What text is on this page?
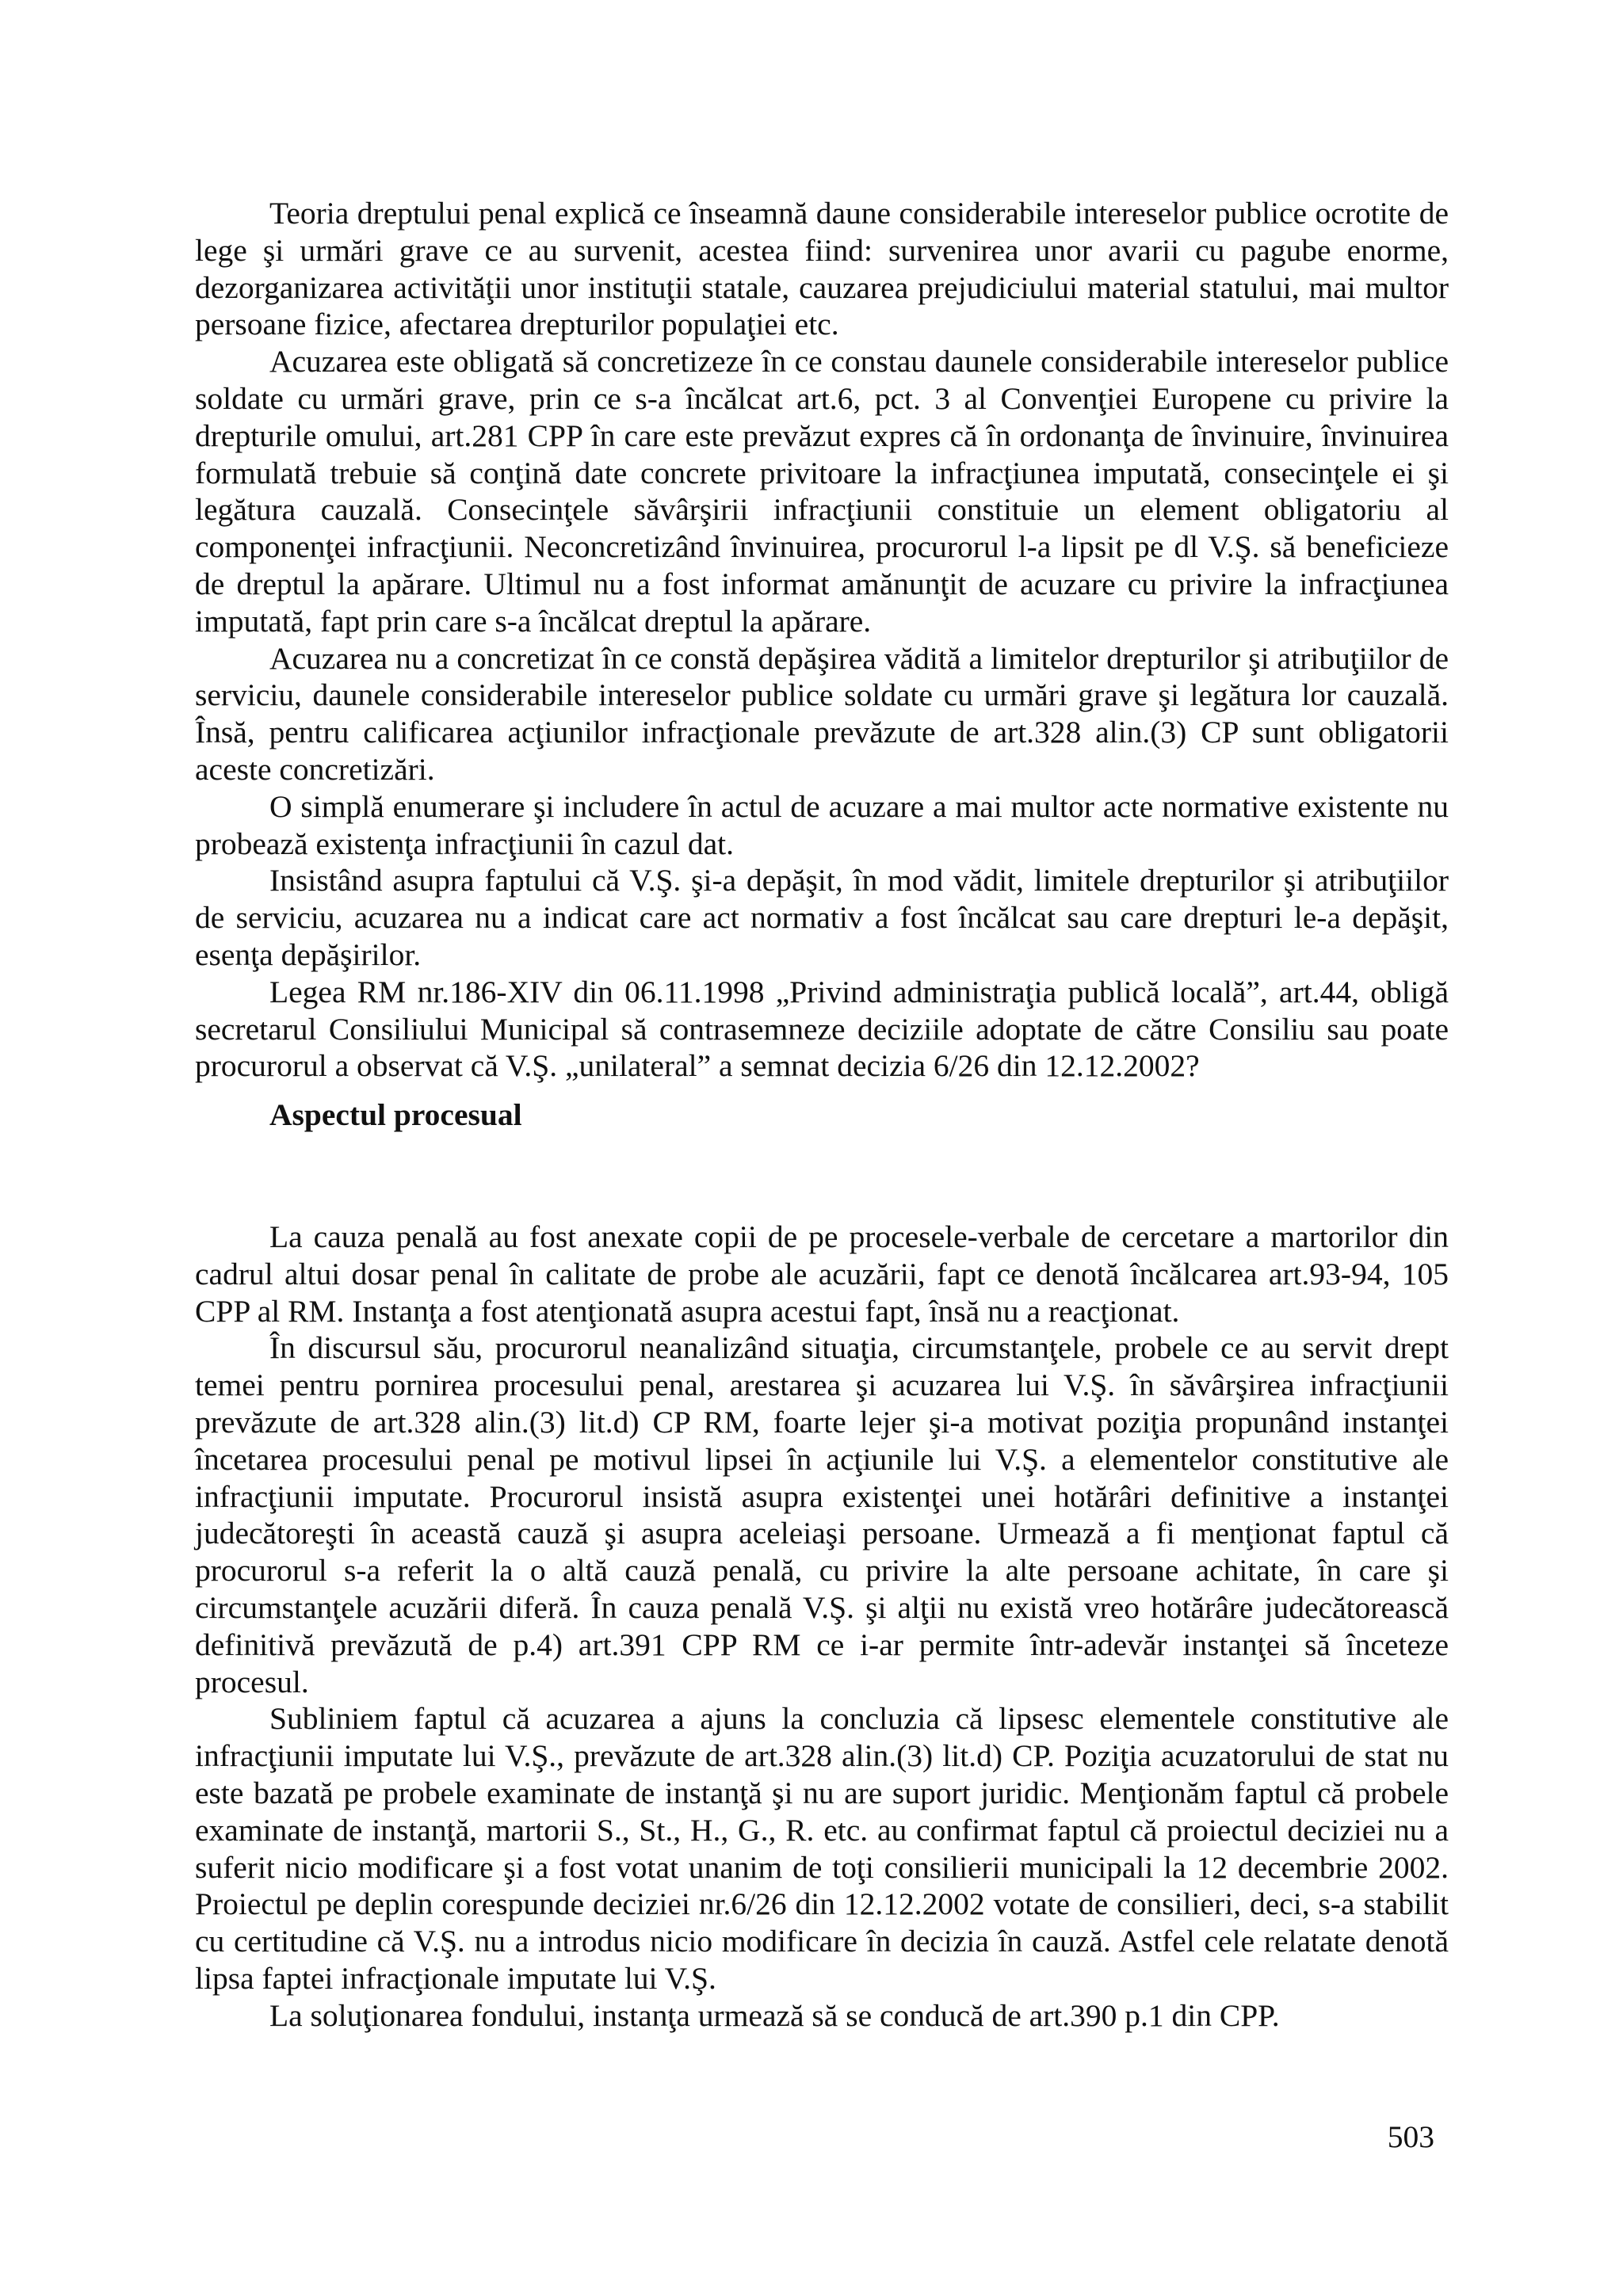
Teoria dreptului penal explică ce înseamnă daune considerabile intereselor publice ocrotite de lege şi urmări grave ce au survenit, acestea fiind: survenirea unor avarii cu pagube enorme, dezorganizarea activităţii unor instituţii statale, cauzarea prejudiciului material statului, mai multor persoane fizice, afectarea drepturilor populaţiei etc.

Acuzarea este obligată să concretizeze în ce constau daunele considerabile intereselor publice soldate cu urmări grave, prin ce s-a încălcat art.6, pct. 3 al Convenţiei Europene cu privire la drepturile omului, art.281 CPP în care este prevăzut expres că în ordonanţa de învinuire, învinuirea formulată trebuie să conţină date concrete privitoare la infracţiunea imputată, consecinţele ei şi legătura cauzală. Consecinţele săvârşirii infracţiunii constituie un element obligatoriu al componenţei infracţiunii. Neconcretizând învinuirea, procurorul l-a lipsit pe dl V.Ş. să beneficieze de dreptul la apărare. Ultimul nu a fost informat amănunţit de acuzare cu privire la infracţiunea imputată, fapt prin care s-a încălcat dreptul la apărare.

Acuzarea nu a concretizat în ce constă depăşirea vădită a limitelor drepturilor şi atribuţiilor de serviciu, daunele considerabile intereselor publice soldate cu urmări grave şi legătura lor cauzală. Însă, pentru calificarea acţiunilor infracţionale prevăzute de art.328 alin.(3) CP sunt obligatorii aceste concretizări.

O simplă enumerare şi includere în actul de acuzare a mai multor acte normative existente nu probează existenţa infracţiunii în cazul dat.

Insistând asupra faptului că V.Ş. şi-a depăşit, în mod vădit, limitele drepturilor şi atribuţiilor de serviciu, acuzarea nu a indicat care act normativ a fost încălcat sau care drepturi le-a depăşit, esenţa depăşirilor.

Legea RM nr.186-XIV din 06.11.1998 „Privind administraţia publică locală”, art.44, obligă secretarul Consiliului Municipal să contrasemneze deciziile adoptate de către Consiliu sau poate procurorul a observat că V.Ş. „unilateral” a semnat decizia 6/26 din 12.12.2002?

Aspectul procesual

La cauza penală au fost anexate copii de pe procesele-verbale de cercetare a martorilor din cadrul altui dosar penal în calitate de probe ale acuzării, fapt ce denotă încălcarea art.93-94, 105 CPP al RM. Instanţa a fost atenţionată asupra acestui fapt, însă nu a reacţionat.

În discursul său, procurorul neanalizând situaţia, circumstanţele, probele ce au servit drept temei pentru pornirea procesului penal, arestarea şi acuzarea lui V.Ş. în săvârşirea infracţiunii prevăzute de art.328 alin.(3) lit.d) CP RM, foarte lejer şi-a motivat poziţia propunând instanţei încetarea procesului penal pe motivul lipsei în acţiunile lui V.Ş. a elementelor constitutive ale infracţiunii imputate. Procurorul insistă asupra existenţei unei hotărâri definitive a instanţei judecătoreşti în această cauză şi asupra aceleiaşi persoane. Urmează a fi menţionat faptul că procurorul s-a referit la o altă cauză penală, cu privire la alte persoane achitate, în care şi circumstanţele acuzării diferă. În cauza penală V.Ş. şi alţii nu există vreo hotărâre judecătorească definitivă prevăzută de p.4) art.391 CPP RM ce i-ar permite într-adevăr instanţei să înceteze procesul.

Subliniem faptul că acuzarea a ajuns la concluzia că lipsesc elementele constitutive ale infracţiunii imputate lui V.Ş., prevăzute de art.328 alin.(3) lit.d) CP. Poziţia acuzatorului de stat nu este bazată pe probele examinate de instanţă şi nu are suport juridic. Menţionăm faptul că probele examinate de instanţă, martorii S., St., H., G., R. etc. au confirmat faptul că proiectul deciziei nu a suferit nicio modificare şi a fost votat unanim de toţi consilierii municipali la 12 decembrie 2002. Proiectul pe deplin corespunde deciziei nr.6/26 din 12.12.2002 votate de consilieri, deci, s-a stabilit cu certitudine că V.Ş. nu a introdus nicio modificare în decizia în cauză. Astfel cele relatate denotă lipsa faptei infracţionale imputate lui V.Ş.

La soluţionarea fondului, instanţa urmează să se conducă de art.390 p.1 din CPP.

503
